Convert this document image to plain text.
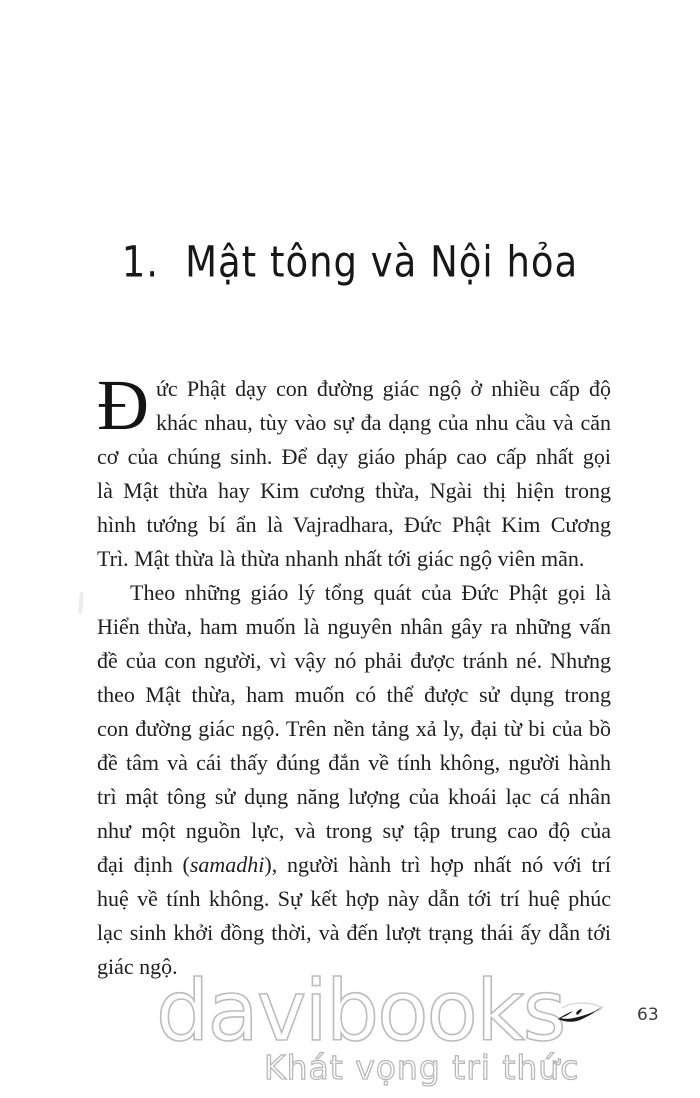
1. Mật tông và Nội hỏa
Đ ức Phật dạy con đường giác ngộ ở nhiều cấp độ
khác nhau, tùy vào sự đa dạng của nhu cầu và căn
cơ của chúng sinh. Để dạy giáo pháp cao cấp nhất gọi
là Mật thừa hay Kim cương thừa, Ngài thị hiện trong
hình tướng bí ẩn là Vajradhara, Đức Phật Kim Cương
Trì. Mật thừa là thừa nhanh nhất tới giác ngộ viên mãn.
Theo những giáo lý tổng quát của Đức Phật gọi là
Hiển thừa, ham muốn là nguyên nhân gây ra những vấn
đề của con người, vì vậy nó phải được tránh né. Nhưng
theo Mật thừa, ham muốn có thể được sử dụng trong
con đường giác ngộ. Trên nền tảng xả ly, đại từ bi của bồ
đề tâm và cái thấy đúng đắn về tính không, người hành
trì mật tông sử dụng năng lượng của khoái lạc cá nhân
như một nguồn lực, và trong sự tập trung cao độ của
đại định (samadhi), người hành trì hợp nhất nó với trí
huệ về tính không. Sự kết hợp này dẫn tới trí huệ phúc
lạc sinh khởi đồng thời, và đến lượt trạng thái ấy dẫn tới
giác ngộ.
davibooks
Khát vọng tri thức
63
